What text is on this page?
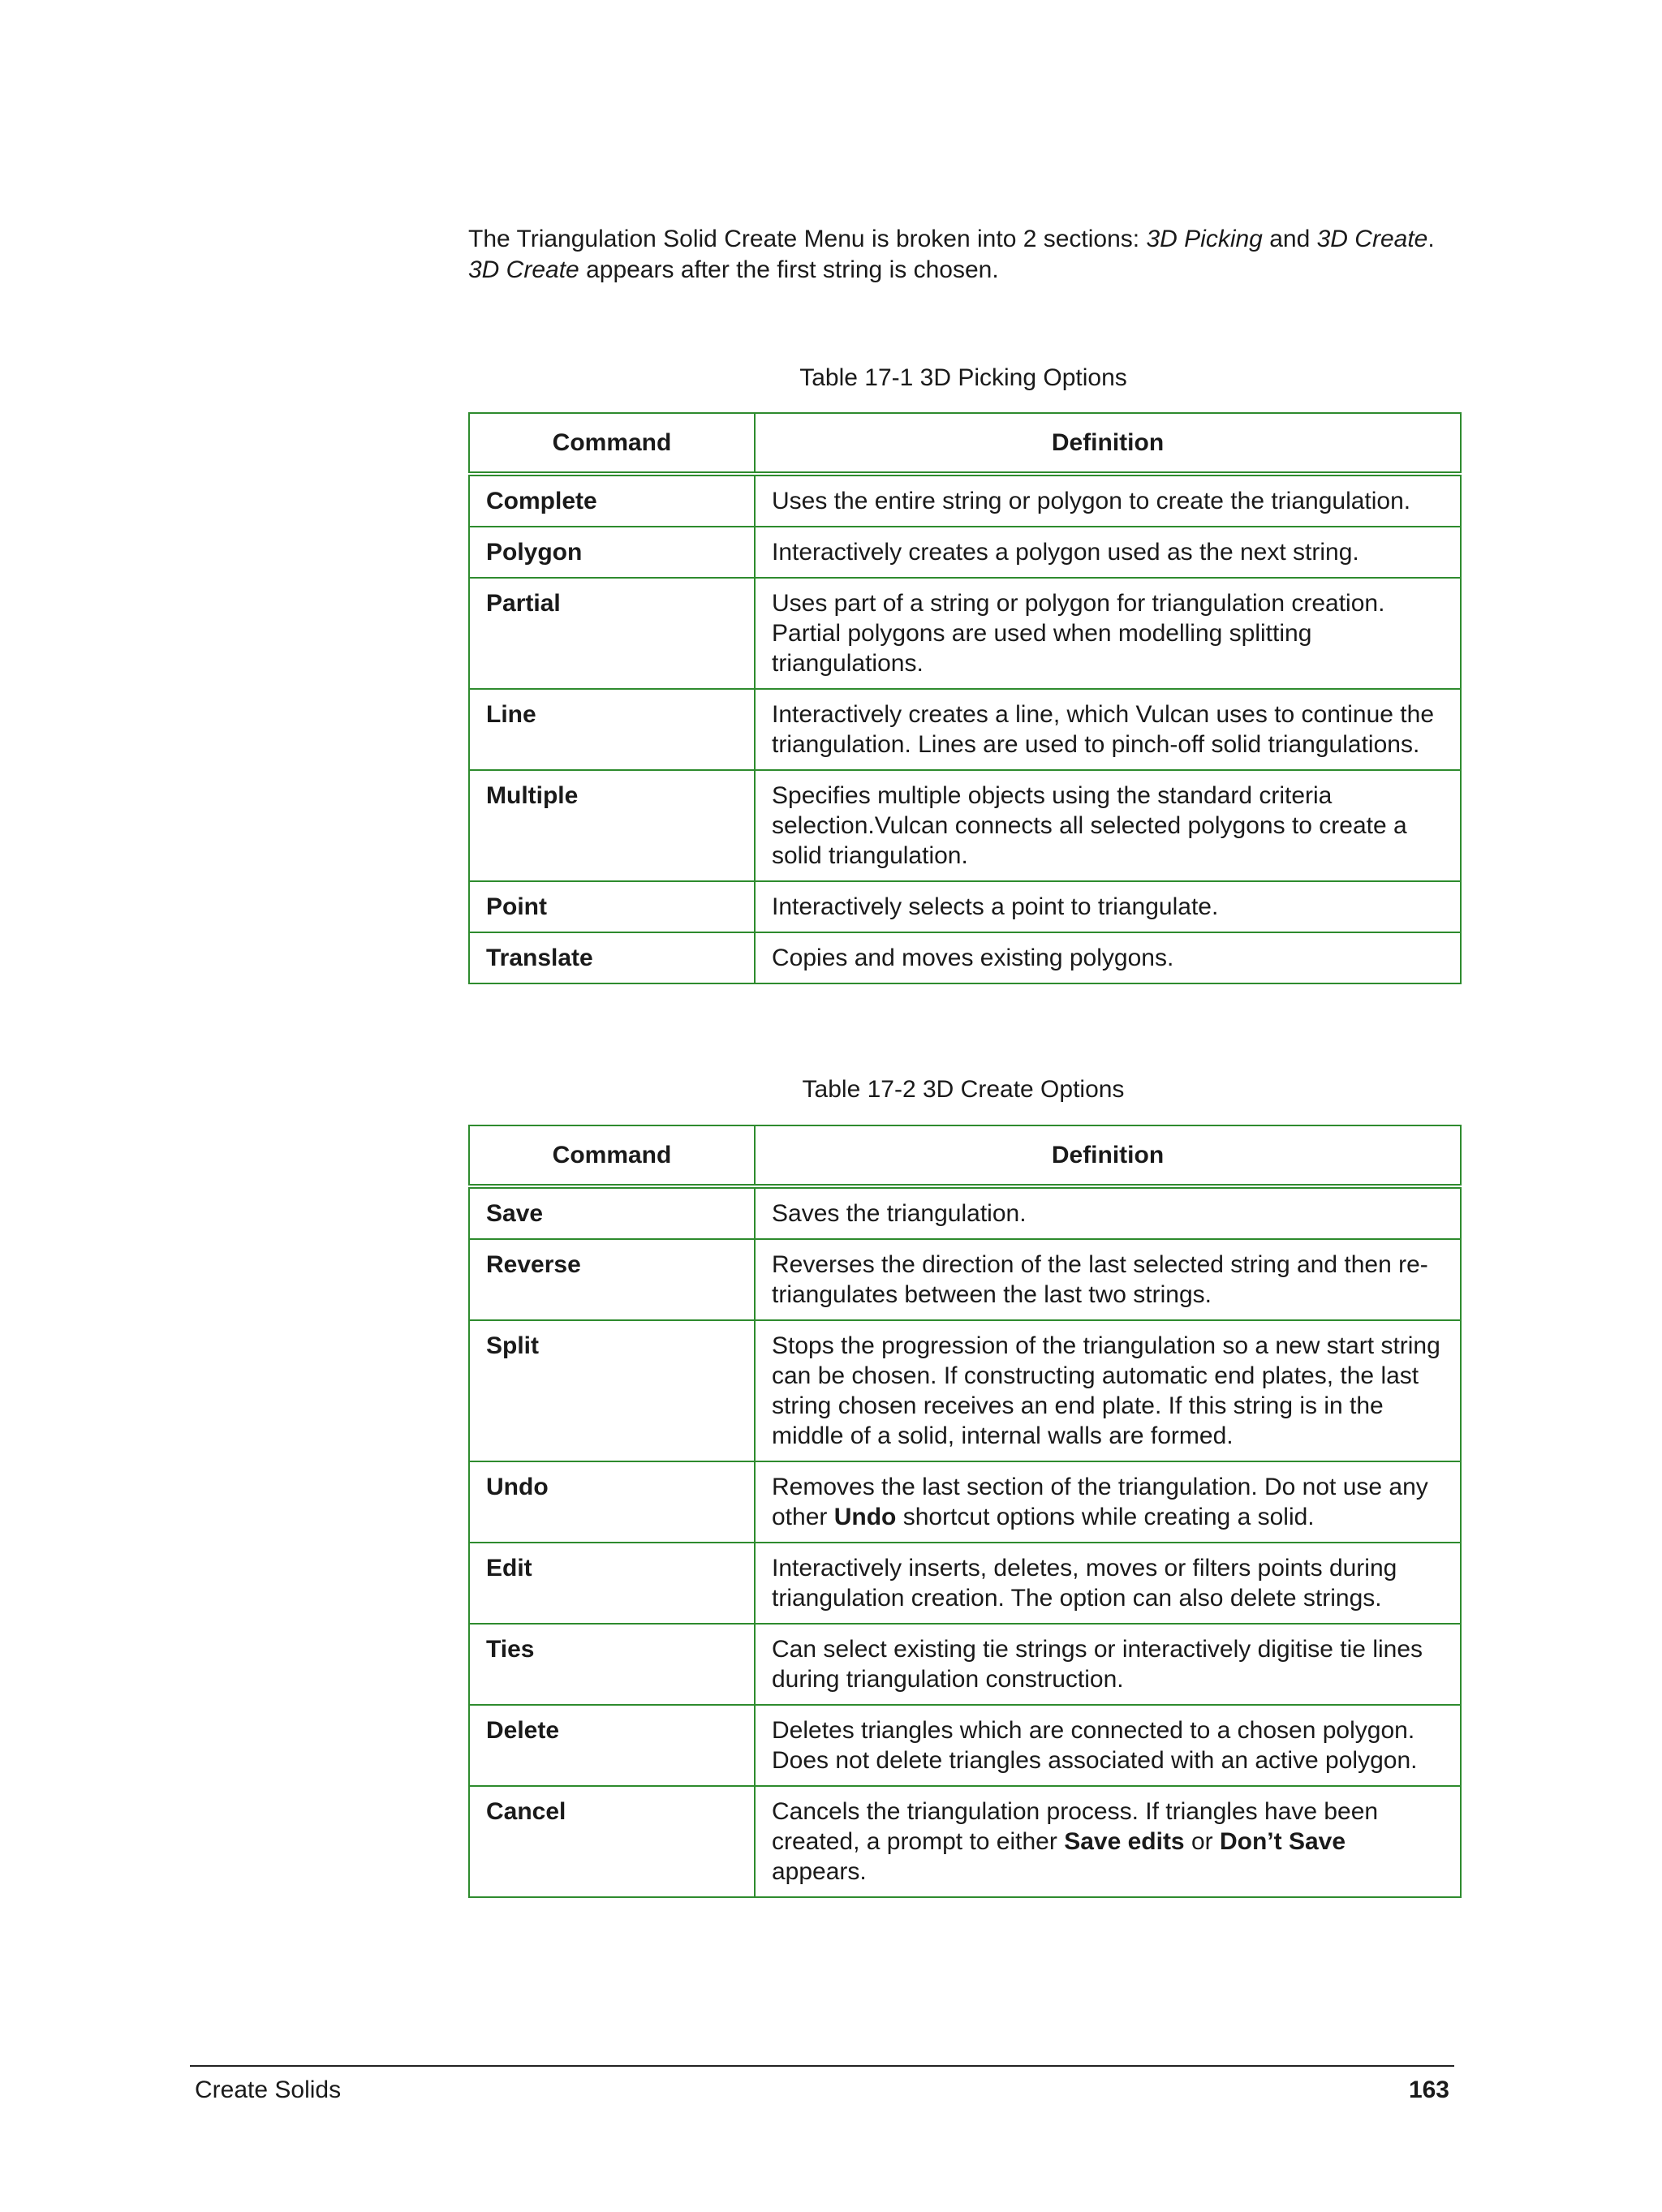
The Triangulation Solid Create Menu is broken into 2 sections: 3D Picking and 3D Create.
3D Create appears after the first string is chosen.
Table 17-1 3D Picking Options
Command	Definition
Complete	Uses the entire string or polygon to create the triangulation.
Polygon	Interactively creates a polygon used as the next string.
Partial	Uses part of a string or polygon for triangulation creation. Partial polygons are used when modelling splitting triangulations.
Line	Interactively creates a line, which Vulcan uses to continue the triangulation. Lines are used to pinch-off solid triangulations.
Multiple	Specifies multiple objects using the standard criteria selection.Vulcan connects all selected polygons to create a solid triangulation.
Point	Interactively selects a point to triangulate.
Translate	Copies and moves existing polygons.
Table 17-2 3D Create Options
Command	Definition
Save	Saves the triangulation.
Reverse	Reverses the direction of the last selected string and then re-triangulates between the last two strings.
Split	Stops the progression of the triangulation so a new start string can be chosen. If constructing automatic end plates, the last string chosen receives an end plate. If this string is in the middle of a solid, internal walls are formed.
Undo	Removes the last section of the triangulation. Do not use any other Undo shortcut options while creating a solid.
Edit	Interactively inserts, deletes, moves or filters points during triangulation creation. The option can also delete strings.
Ties	Can select existing tie strings or interactively digitise tie lines during triangulation construction.
Delete	Deletes triangles which are connected to a chosen polygon. Does not delete triangles associated with an active polygon.
Cancel	Cancels the triangulation process. If triangles have been created, a prompt to either Save edits or Don’t Save appears.
Create Solids	163
